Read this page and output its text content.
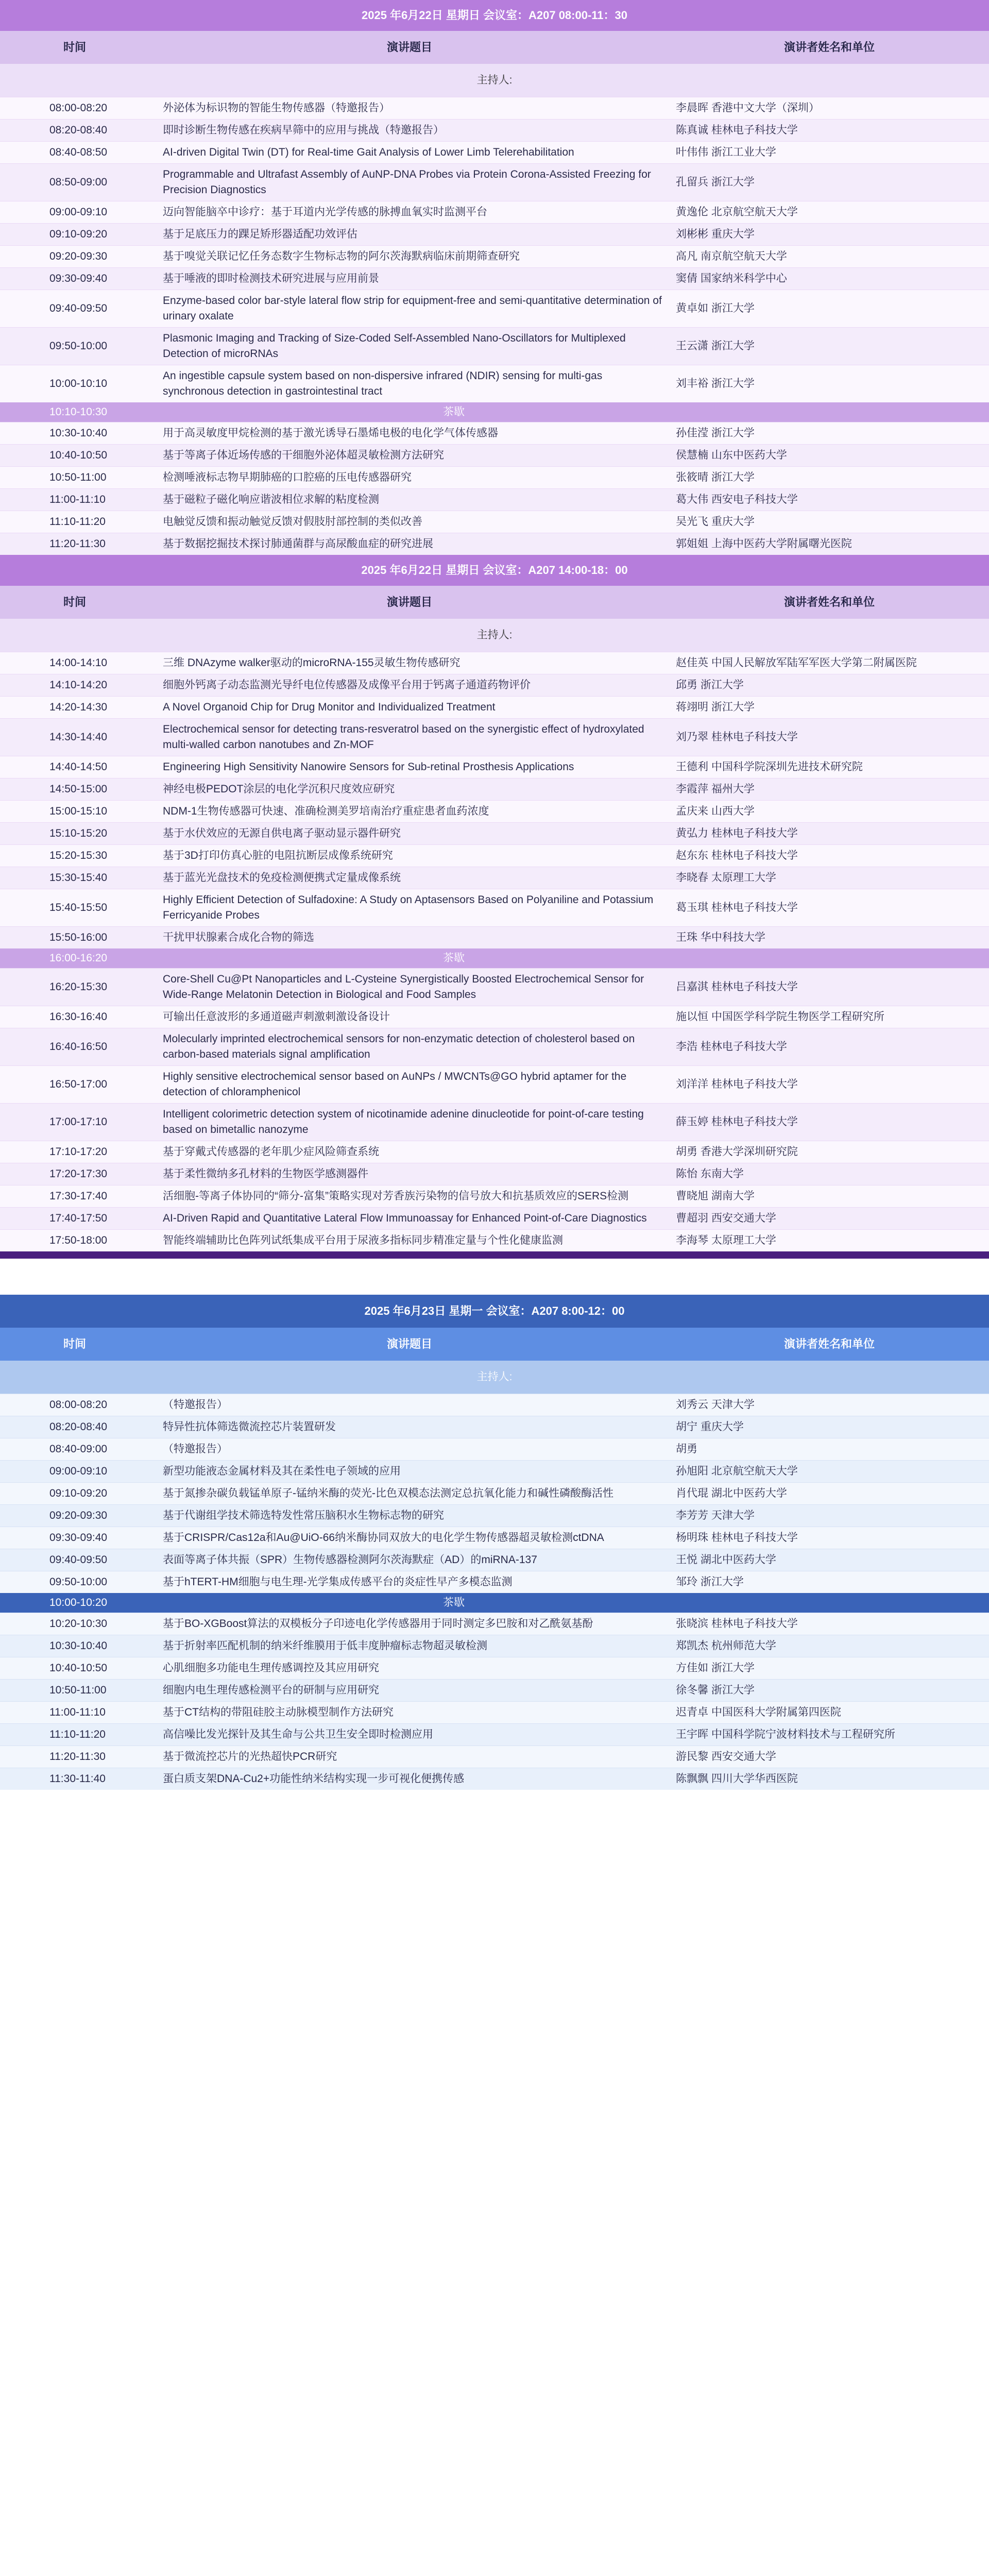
2025 年6月22日 星期日 会议室：A207 08:00-11：30		
时间	演讲题目	演讲者姓名和单位
主持人:		
08:00-08:20	外泌体为标识物的智能生物传感器（特邀报告）	李晨晖 香港中文大学（深圳）
08:20-08:40	即时诊断生物传感在疾病早筛中的应用与挑战（特邀报告）	陈真诚 桂林电子科技大学
08:40-08:50	AI-driven Digital Twin (DT) for Real-time Gait Analysis of Lower Limb Telerehabilitation	叶伟伟 浙江工业大学
08:50-09:00	Programmable and Ultrafast Assembly of AuNP-DNA Probes via Protein Corona-Assisted Freezing for Precision Diagnostics	孔留兵 浙江大学
09:00-09:10	迈向智能脑卒中诊疗：基于耳道内光学传感的脉搏血氧实时监测平台	黄逸伦 北京航空航天大学
09:10-09:20	基于足底压力的踝足矫形器适配功效评估	刘彬彬 重庆大学
09:20-09:30	基于嗅觉关联记忆任务态数字生物标志物的阿尔茨海默病临床前期筛查研究	高凡 南京航空航天大学
09:30-09:40	基于唾液的即时检测技术研究进展与应用前景	窦倩 国家纳米科学中心
09:40-09:50	Enzyme-based color bar-style lateral flow strip for equipment-free and semi-quantitative determination of urinary oxalate	黄卓如 浙江大学
09:50-10:00	Plasmonic Imaging and Tracking of Size-Coded Self-Assembled Nano-Oscillators for Multiplexed Detection of microRNAs	王云潇 浙江大学
10:00-10:10	An ingestible capsule system based on non-dispersive infrared (NDIR) sensing for multi-gas synchronous detection in gastrointestinal tract	刘丰裕 浙江大学
10:10-10:30 茶歇		
10:30-10:40	用于高灵敏度甲烷检测的基于激光诱导石墨烯电极的电化学气体传感器	孙佳滢 浙江大学
10:40-10:50	基于等离子体近场传感的干细胞外泌体超灵敏检测方法研究	侯慧楠 山东中医药大学
10:50-11:00	检测唾液标志物早期肺癌的口腔癌的压电传感器研究	张筱晴 浙江大学
11:00-11:10	基于磁粒子磁化响应谐波相位求解的粘度检测	葛大伟 西安电子科技大学
11:10-11:20	电触觉反馈和振动触觉反馈对假肢肘部控制的类似改善	吴光飞 重庆大学
11:20-11:30	基于数据挖掘技术探讨肺通菌群与高尿酸血症的研究进展	郭姐姐 上海中医药大学附属曙光医院
2025 年6月22日 星期日 会议室：A207 14:00-18：00		
时间	演讲题目	演讲者姓名和单位
主持人:		
14:00-14:10	三维 DNAzyme walker驱动的microRNA-155灵敏生物传感研究	赵佳英 中国人民解放军陆军军医大学第二附属医院
14:10-14:20	细胞外钙离子动态监测光导纤电位传感器及成像平台用于钙离子通道药物评价	邱勇 浙江大学
14:20-14:30	A Novel Organoid Chip for Drug Monitor and Individualized Treatment	蒋翊明 浙江大学
14:30-14:40	Electrochemical sensor for detecting trans-resveratrol based on the synergistic effect of hydroxylated multi-walled carbon nanotubes and Zn-MOF	刘乃翠 桂林电子科技大学
14:40-14:50	Engineering High Sensitivity Nanowire Sensors for Sub-retinal Prosthesis Applications	王德利 中国科学院深圳先进技术研究院
14:50-15:00	神经电极PEDOT涂层的电化学沉积尺度效应研究	李霞萍 福州大学
15:00-15:10	NDM-1生物传感器可快速、准确检测美罗培南治疗重症患者血药浓度	孟庆来 山西大学
15:10-15:20	基于水伏效应的无源自供电离子驱动显示器件研究	黄弘力 桂林电子科技大学
15:20-15:30	基于3D打印仿真心脏的电阻抗断层成像系统研究	赵东东 桂林电子科技大学
15:30-15:40	基于蓝光光盘技术的免疫检测便携式定量成像系统	李晓春 太原理工大学
15:40-15:50	Highly Efficient Detection of Sulfadoxine: A Study on Aptasensors Based on Polyaniline and Potassium Ferricyanide Probes	葛玉琪 桂林电子科技大学
15:50-16:00	干扰甲状腺素合成化合物的筛选	王珠 华中科技大学
16:00-16:20 茶歇		
16:20-15:30	Core-Shell Cu@Pt Nanoparticles and L-Cysteine Synergistically Boosted Electrochemical Sensor for Wide-Range Melatonin Detection in Biological and Food Samples	吕嘉淇 桂林电子科技大学
16:30-16:40	可输出任意波形的多通道磁声刺激刺激设备设计	施以恒 中国医学科学院生物医学工程研究所
16:40-16:50	Molecularly imprinted electrochemical sensors for non-enzymatic detection of cholesterol based on carbon-based materials signal amplification	李浩 桂林电子科技大学
16:50-17:00	Highly sensitive electrochemical sensor based on AuNPs / MWCNTs@GO hybrid aptamer for the detection of chloramphenicol	刘洋洋 桂林电子科技大学
17:00-17:10	Intelligent colorimetric detection system of nicotinamide adenine dinucleotide for point-of-care testing based on bimetallic nanozyme	薛玉婷 桂林电子科技大学
17:10-17:20	基于穿戴式传感器的老年肌少症风险筛查系统	胡勇 香港大学深圳研究院
17:20-17:30	基于柔性微纳多孔材料的生物医学感测器件	陈怡 东南大学
17:30-17:40	活细胞-等离子体协同的“筛分-富集”策略实现对芳香族污染物的信号放大和抗基质效应的SERS检测	曹晓旭 湖南大学
17:40-17:50	AI-Driven Rapid and Quantitative Lateral Flow Immunoassay for Enhanced Point-of-Care Diagnostics	曹超羽 西安交通大学
17:50-18:00	智能终端辅助比色阵列试纸集成平台用于尿液多指标同步精准定量与个性化健康监测	李海琴 太原理工大学
2025 年6月23日 星期一 会议室：A207 8:00-12：00		
时间	演讲题目	演讲者姓名和单位
主持人:		
08:00-08:20	（特邀报告）	刘秀云 天津大学
08:20-08:40	特异性抗体筛选微流控芯片装置研发	胡宁 重庆大学
08:40-09:00	（特邀报告）	胡勇
09:00-09:10	新型功能液态金属材料及其在柔性电子领域的应用	孙旭阳 北京航空航天大学
09:10-09:20	基于氮掺杂碳负载锰单原子-锰纳米酶的荧光-比色双模态法测定总抗氧化能力和碱性磷酸酶活性	肖代琨 湖北中医药大学
09:20-09:30	基于代谢组学技术筛选特发性常压脑积水生物标志物的研究	李芳芳 天津大学
09:30-09:40	基于CRISPR/Cas12a和Au@UiO-66纳米酶协同双放大的电化学生物传感器超灵敏检测ctDNA	杨明珠 桂林电子科技大学
09:40-09:50	表面等离子体共振（SPR）生物传感器检测阿尔茨海默症（AD）的miRNA-137	王悦 湖北中医药大学
09:50-10:00	基于hTERT-HM细胞与电生理-光学集成传感平台的炎症性早产多模态监测	邹玲 浙江大学
10:00-10:20 茶歇		
10:20-10:30	基于BO-XGBoost算法的双模板分子印迹电化学传感器用于同时测定多巴胺和对乙酰氨基酚	张晓滨 桂林电子科技大学
10:30-10:40	基于折射率匹配机制的纳米纤维膜用于低丰度肿瘤标志物超灵敏检测	郑凯杰 杭州师范大学
10:40-10:50	心肌细胞多功能电生理传感调控及其应用研究	方佳如 浙江大学
10:50-11:00	细胞内电生理传感检测平台的研制与应用研究	徐冬馨 浙江大学
11:00-11:10	基于CT结构的带阻硅胶主动脉模型制作方法研究	迟青卓 中国医科大学附属第四医院
11:10-11:20	高信噪比发光探针及其生命与公共卫生安全即时检测应用	王宇晖 中国科学院宁波材料技术与工程研究所
11:20-11:30	基于微流控芯片的光热超快PCR研究	游民黎 西安交通大学
11:30-11:40	蛋白质支架DNA-Cu2+功能性纳米结构实现一步可视化便携传感	陈飘飘 四川大学华西医院
